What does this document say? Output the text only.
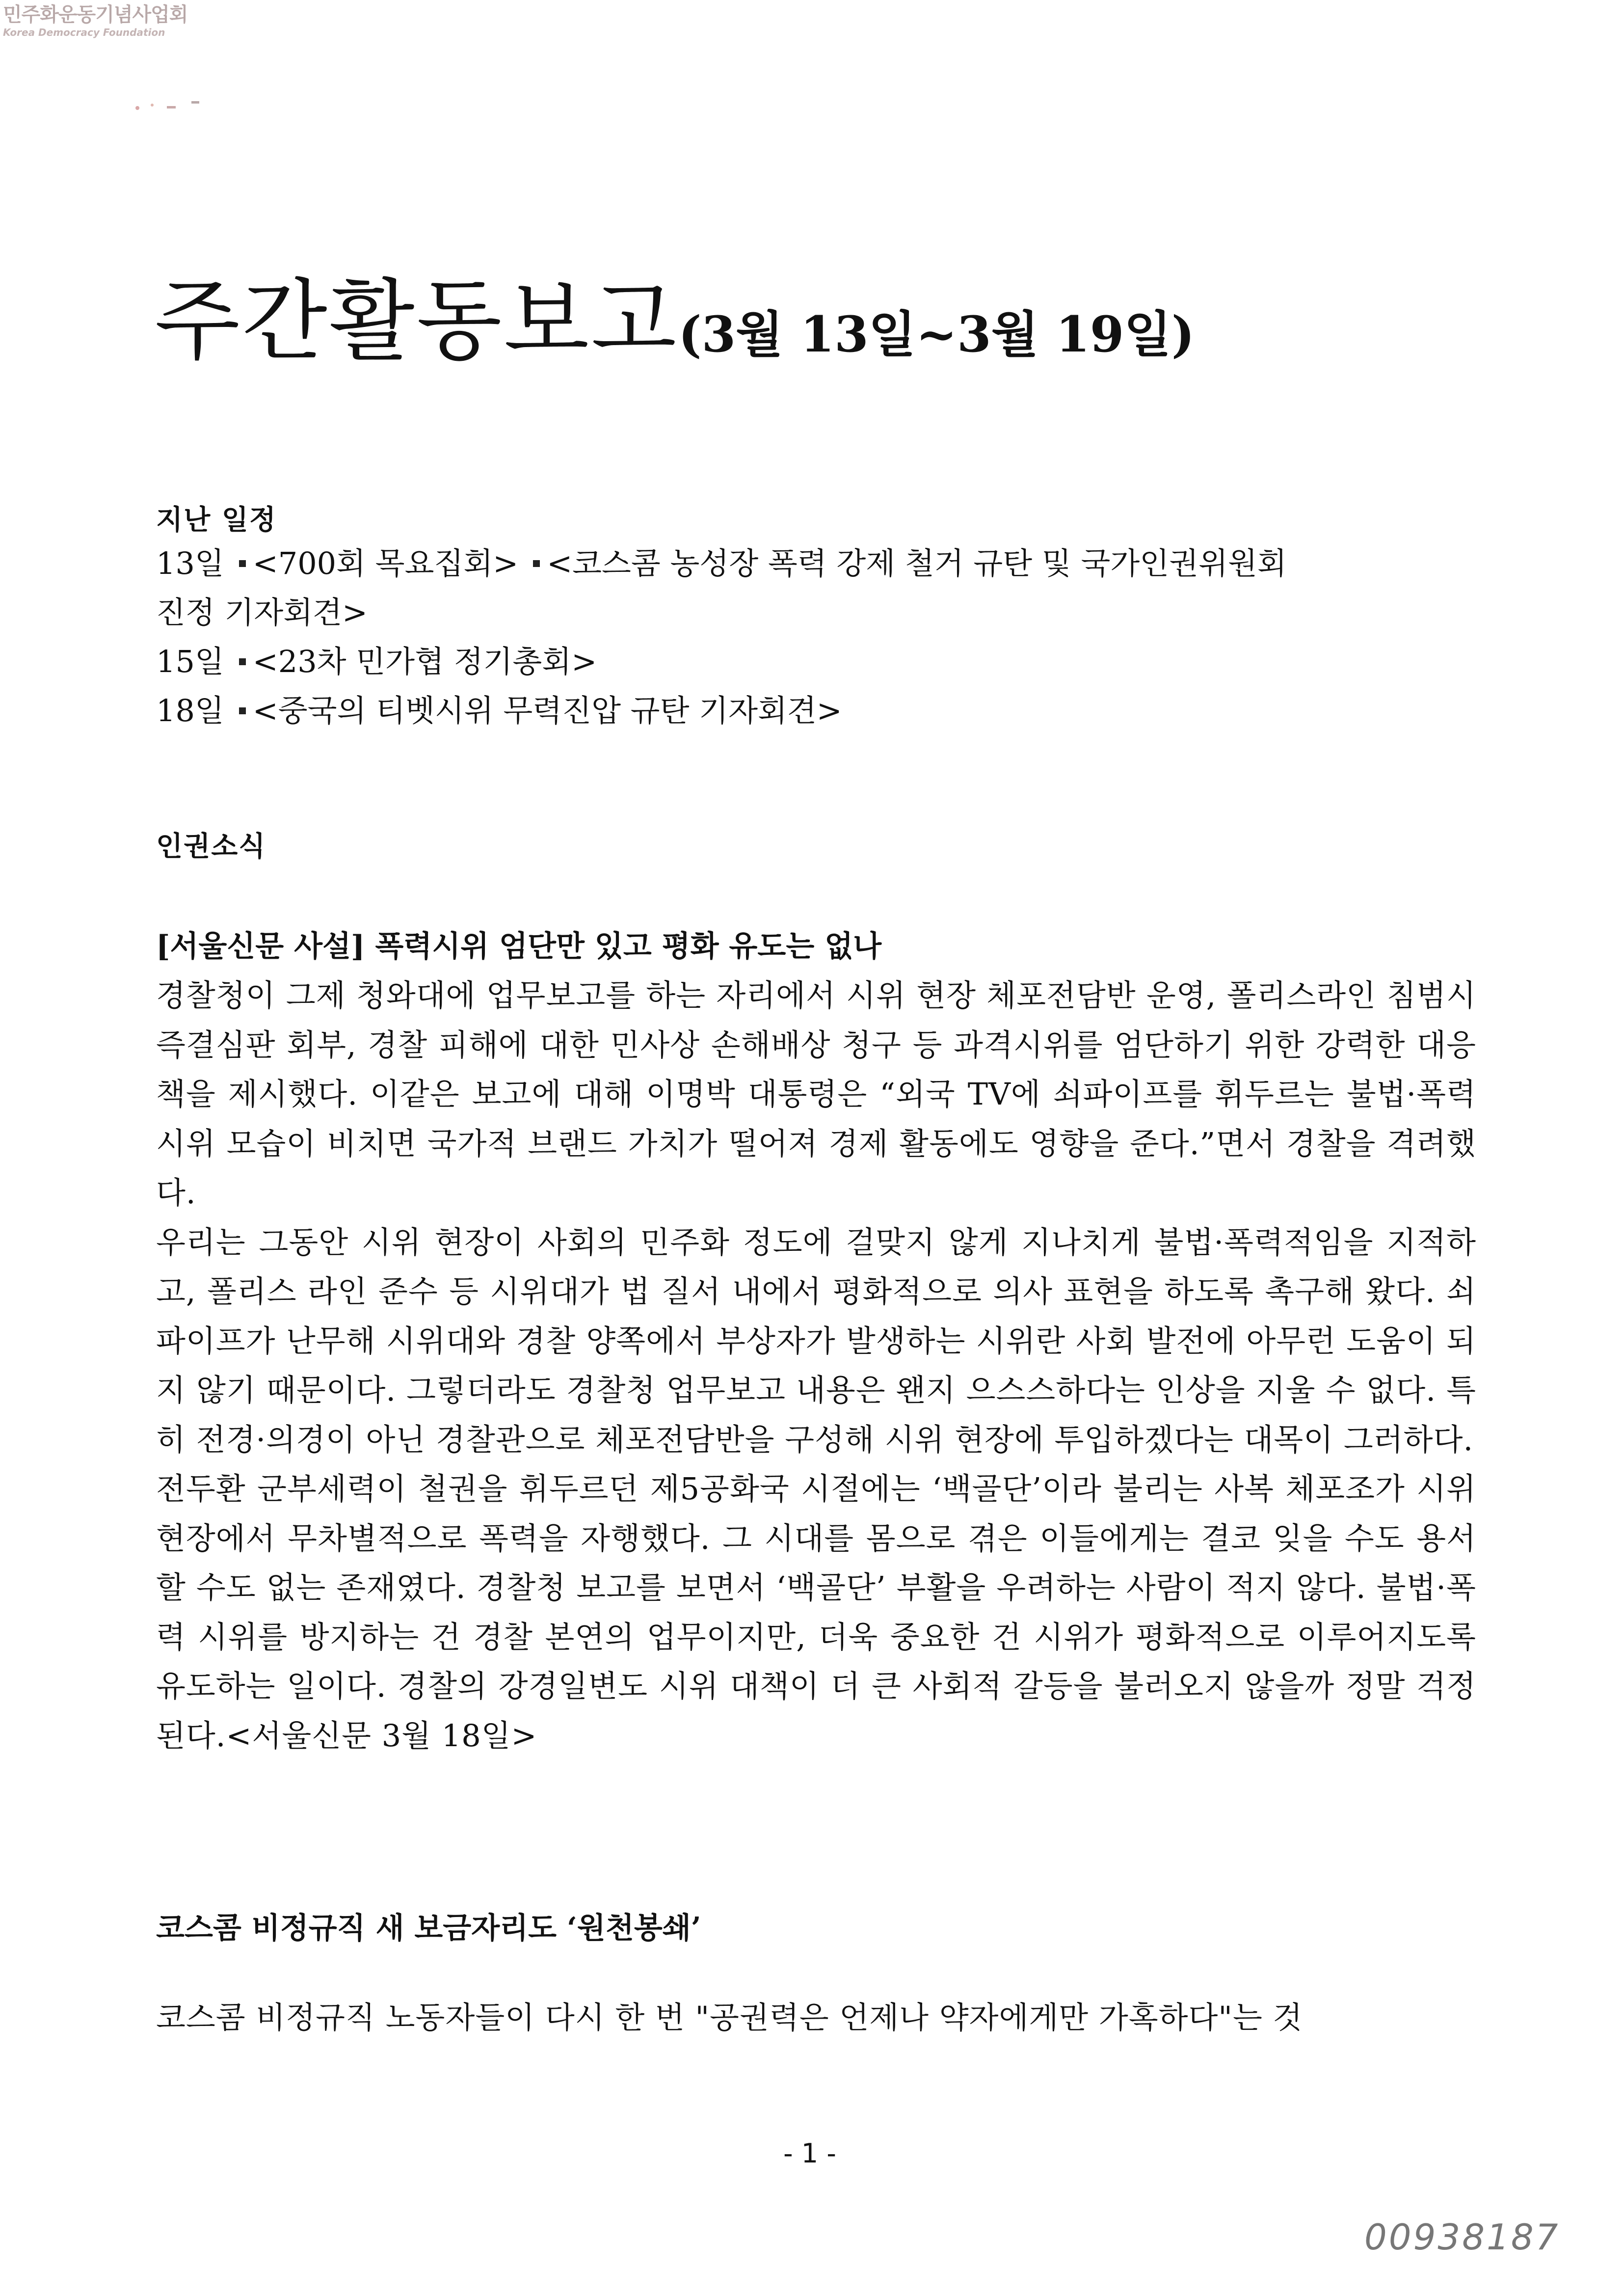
민주화운동기념사업회
Korea Democracy Foundation
주간활동보고(3월 13일~3월 19일)
지난 일정
13일 <700회 목요집회> <코스콤 농성장 폭력 강제 철거 규탄 및 국가인권위원회
진정 기자회견>
15일 <23차 민가협 정기총회>
18일 <중국의 티벳시위 무력진압 규탄 기자회견>
인권소식
[서울신문 사설] 폭력시위 엄단만 있고 평화 유도는 없나

경찰청이 그제 청와대에 업무보고를 하는 자리에서 시위 현장 체포전담반 운영, 폴리스라인 침범시 즉결심판 회부, 경찰 피해에 대한 민사상 손해배상 청구 등 과격시위를 엄단하기 위한 강력한 대응책을 제시했다. 이같은 보고에 대해 이명박 대통령은 “외국 TV에 쇠파이프를 휘두르는 불법·폭력 시위 모습이 비치면 국가적 브랜드 가치가 떨어져 경제 활동에도 영향을 준다.”면서 경찰을 격려했다.

우리는 그동안 시위 현장이 사회의 민주화 정도에 걸맞지 않게 지나치게 불법·폭력적임을 지적하고, 폴리스 라인 준수 등 시위대가 법 질서 내에서 평화적으로 의사 표현을 하도록 촉구해 왔다. 쇠파이프가 난무해 시위대와 경찰 양쪽에서 부상자가 발생하는 시위란 사회 발전에 아무런 도움이 되지 않기 때문이다. 그렇더라도 경찰청 업무보고 내용은 왠지 으스스하다는 인상을 지울 수 없다. 특히 전경·의경이 아닌 경찰관으로 체포전담반을 구성해 시위 현장에 투입하겠다는 대목이 그러하다.

전두환 군부세력이 철권을 휘두르던 제5공화국 시절에는 ‘백골단’이라 불리는 사복 체포조가 시위 현장에서 무차별적으로 폭력을 자행했다. 그 시대를 몸으로 겪은 이들에게는 결코 잊을 수도 용서할 수도 없는 존재였다. 경찰청 보고를 보면서 ‘백골단’ 부활을 우려하는 사람이 적지 않다. 불법·폭력 시위를 방지하는 건 경찰 본연의 업무이지만, 더욱 중요한 건 시위가 평화적으로 이루어지도록 유도하는 일이다. 경찰의 강경일변도 시위 대책이 더 큰 사회적 갈등을 불러오지 않을까 정말 걱정된다.<서울신문 3월 18일>

코스콤 비정규직 새 보금자리도 ‘원천봉쇄’
코스콤 비정규직 노동자들이 다시 한 번 "공권력은 언제나 약자에게만 가혹하다"는 것
- 1 -
00938187
